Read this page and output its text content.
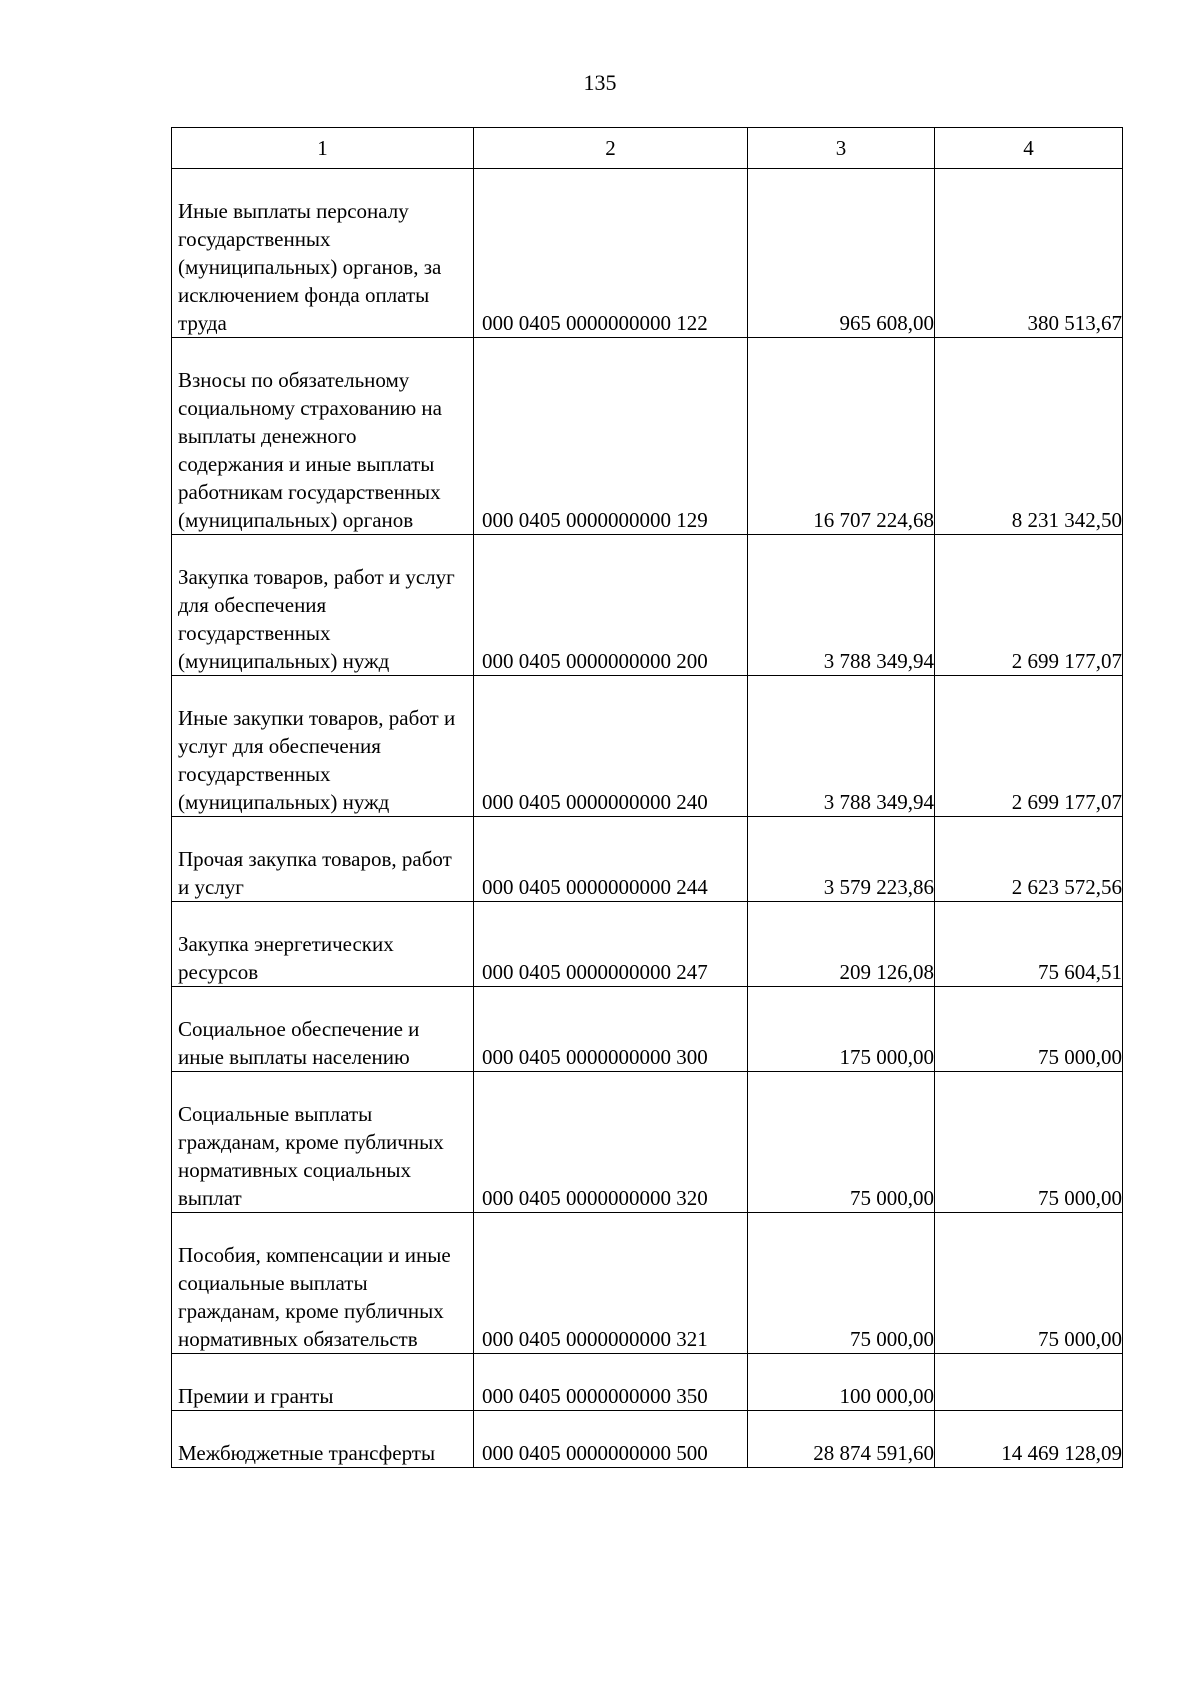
135
1	2	3	4
Иные выплаты персоналу государственных (муниципальных) органов, за исключением фонда оплаты труда	000 0405 0000000000 122	965 608,00	380 513,67
Взносы по обязательному социальному страхованию на выплаты денежного содержания и иные выплаты работникам государственных (муниципальных) органов	000 0405 0000000000 129	16 707 224,68	8 231 342,50
Закупка товаров, работ и услуг для обеспечения государственных (муниципальных) нужд	000 0405 0000000000 200	3 788 349,94	2 699 177,07
Иные закупки товаров, работ и услуг для обеспечения государственных (муниципальных) нужд	000 0405 0000000000 240	3 788 349,94	2 699 177,07
Прочая закупка товаров, работ и услуг	000 0405 0000000000 244	3 579 223,86	2 623 572,56
Закупка энергетических ресурсов	000 0405 0000000000 247	209 126,08	75 604,51
Социальное обеспечение и иные выплаты населению	000 0405 0000000000 300	175 000,00	75 000,00
Социальные выплаты гражданам, кроме публичных нормативных социальных выплат	000 0405 0000000000 320	75 000,00	75 000,00
Пособия, компенсации и иные социальные выплаты гражданам, кроме публичных нормативных обязательств	000 0405 0000000000 321	75 000,00	75 000,00
Премии и гранты	000 0405 0000000000 350	100 000,00	
Межбюджетные трансферты	000 0405 0000000000 500	28 874 591,60	14 469 128,09
